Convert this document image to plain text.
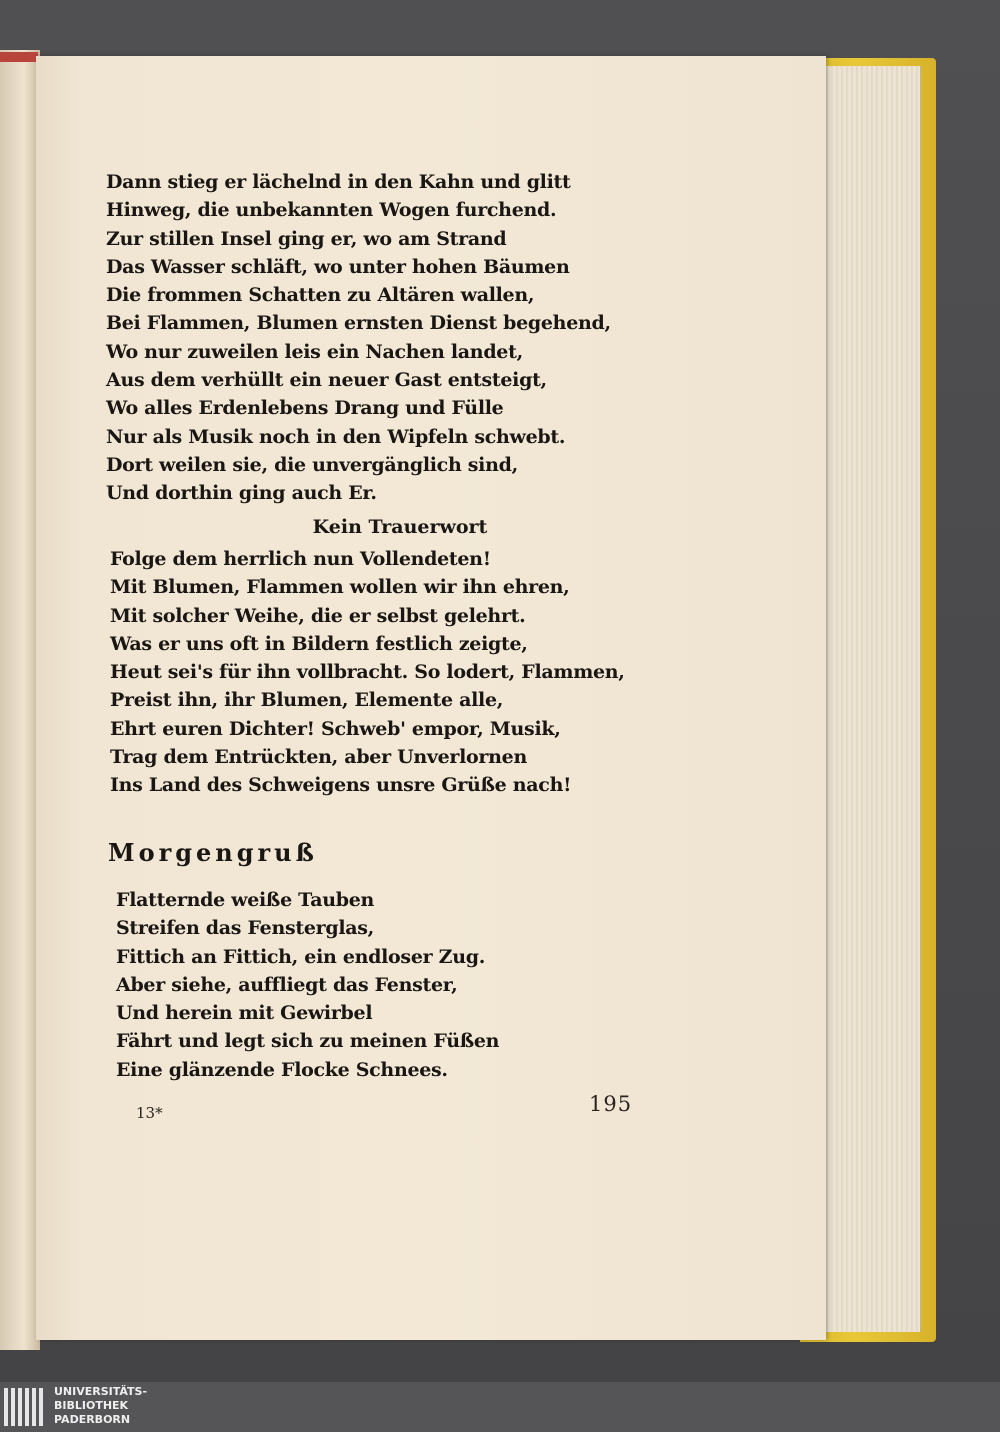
Dann stieg er lächelnd in den Kahn und glitt
Hinweg, die unbekannten Wogen furchend.
Zur stillen Insel ging er, wo am Strand
Das Wasser schläft, wo unter hohen Bäumen
Die frommen Schatten zu Altären wallen,
Bei Flammen, Blumen ernsten Dienst begehend,
Wo nur zuweilen leis ein Nachen landet,
Aus dem verhüllt ein neuer Gast entsteigt,
Wo alles Erdenlebens Drang und Fülle
Nur als Musik noch in den Wipfeln schwebt.
Dort weilen sie, die unvergänglich sind,
Und dorthin ging auch Er.
Kein Trauerwort
Folge dem herrlich nun Vollendeten!
Mit Blumen, Flammen wollen wir ihn ehren,
Mit solcher Weihe, die er selbst gelehrt.
Was er uns oft in Bildern festlich zeigte,
Heut sei's für ihn vollbracht. So lodert, Flammen,
Preist ihn, ihr Blumen, Elemente alle,
Ehrt euren Dichter! Schweb' empor, Musik,
Trag dem Entrückten, aber Unverlornen
Ins Land des Schweigens unsre Grüße nach!
Morgengruß
Flatternde weiße Tauben
Streifen das Fensterglas,
Fittich an Fittich, ein endloser Zug.
Aber siehe, auffliegt das Fenster,
Und herein mit Gewirbel
Fährt und legt sich zu meinen Füßen
Eine glänzende Flocke Schnees.
13*	195
UNIVERSITÄTS-
BIBLIOTHEK
PADERBORN
